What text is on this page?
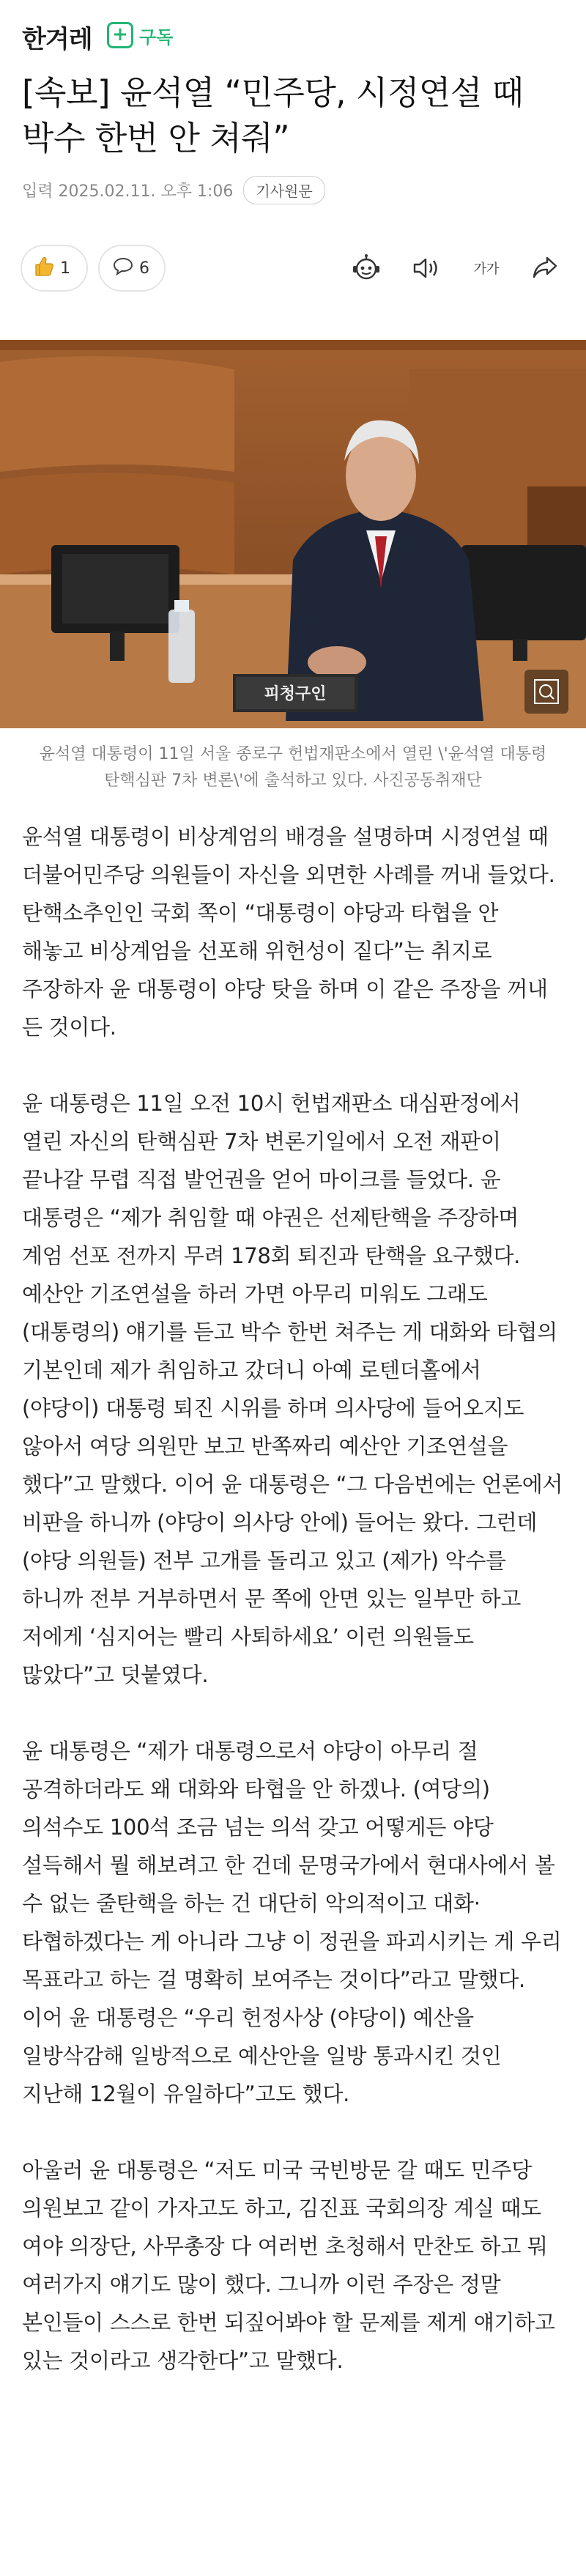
한겨레 + 구독
[속보] 윤석열 “민주당, 시정연설 때 박수 한번 안 쳐줘”
입력 2025.02.11. 오후 1:06	기사원문
1	6	가가
피청구인
윤석열 대통령이 11일 서울 종로구 헌법재판소에서 열린 \'윤석열 대통령 탄핵심판 7차 변론\'에 출석하고 있다. 사진공동취재단

윤석열 대통령이 비상계엄의 배경을 설명하며 시정연설 때 더불어민주당 의원들이 자신을 외면한 사례를 꺼내 들었다. 탄핵소추인인 국회 쪽이 “대통령이 야당과 타협을 안 해놓고 비상계엄을 선포해 위헌성이 짙다”는 취지로 주장하자 윤 대통령이 야당 탓을 하며 이 같은 주장을 꺼내 든 것이다.

윤 대통령은 11일 오전 10시 헌법재판소 대심판정에서 열린 자신의 탄핵심판 7차 변론기일에서 오전 재판이 끝나갈 무렵 직접 발언권을 얻어 마이크를 들었다. 윤 대통령은 “제가 취임할 때 야권은 선제탄핵을 주장하며 계엄 선포 전까지 무려 178회 퇴진과 탄핵을 요구했다. 예산안 기조연설을 하러 가면 아무리 미워도 그래도 (대통령의) 얘기를 듣고 박수 한번 쳐주는 게 대화와 타협의 기본인데 제가 취임하고 갔더니 아예 로텐더홀에서 (야당이) 대통령 퇴진 시위를 하며 의사당에 들어오지도 않아서 여당 의원만 보고 반쪽짜리 예산안 기조연설을 했다”고 말했다. 이어 윤 대통령은 “그 다음번에는 언론에서 비판을 하니까 (야당이 의사당 안에) 들어는 왔다. 그런데 (야당 의원들) 전부 고개를 돌리고 있고 (제가) 악수를 하니까 전부 거부하면서 문 쪽에 안면 있는 일부만 하고 저에게 ‘심지어는 빨리 사퇴하세요’ 이런 의원들도 많았다”고 덧붙였다.

윤 대통령은 “제가 대통령으로서 야당이 아무리 절 공격하더라도 왜 대화와 타협을 안 하겠나. (여당의) 의석수도 100석 조금 넘는 의석 갖고 어떻게든 야당 설득해서 뭘 해보려고 한 건데 문명국가에서 현대사에서 볼 수 없는 줄탄핵을 하는 건 대단히 악의적이고 대화·타협하겠다는 게 아니라 그냥 이 정권을 파괴시키는 게 우리 목표라고 하는 걸 명확히 보여주는 것이다”라고 말했다. 이어 윤 대통령은 “우리 헌정사상 (야당이) 예산을 일방삭감해 일방적으로 예산안을 일방 통과시킨 것인 지난해 12월이 유일하다”고도 했다.

아울러 윤 대통령은 “저도 미국 국빈방문 갈 때도 민주당 의원보고 같이 가자고도 하고, 김진표 국회의장 계실 때도 여야 의장단, 사무총장 다 여러번 초청해서 만찬도 하고 뭐 여러가지 얘기도 많이 했다. 그니까 이런 주장은 정말 본인들이 스스로 한번 되짚어봐야 할 문제를 제게 얘기하고 있는 것이라고 생각한다”고 말했다.
